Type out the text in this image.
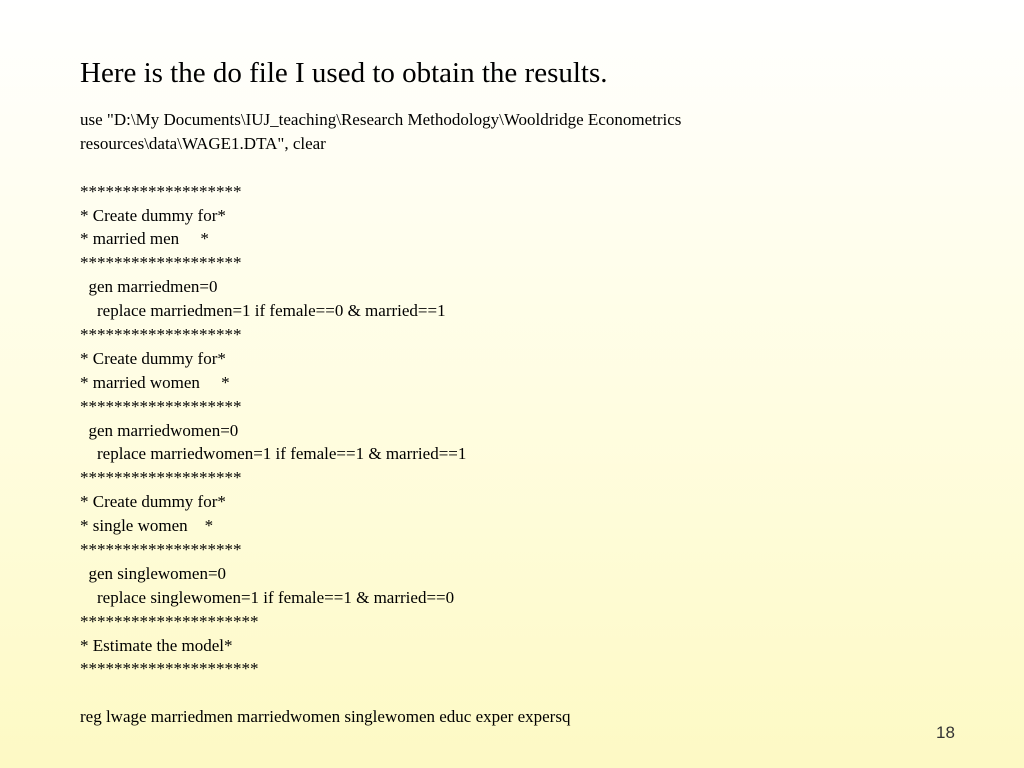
Here is the do file I used to obtain the results.
use "D:\My Documents\IUJ_teaching\Research Methodology\Wooldridge Econometrics
resources\data\WAGE1.DTA", clear
*******************
* Create dummy for*
* married men     *
*******************
gen marriedmen=0
replace marriedmen=1 if female==0 & married==1
*******************
* Create dummy for*
* married women     *
*******************
gen marriedwomen=0
replace marriedwomen=1 if female==1 & married==1
*******************
* Create dummy for*
* single women    *
*******************
gen singlewomen=0
replace singlewomen=1 if female==1 & married==0
*********************
* Estimate the model*
*********************
reg lwage marriedmen marriedwomen singlewomen educ exper expersq
18
